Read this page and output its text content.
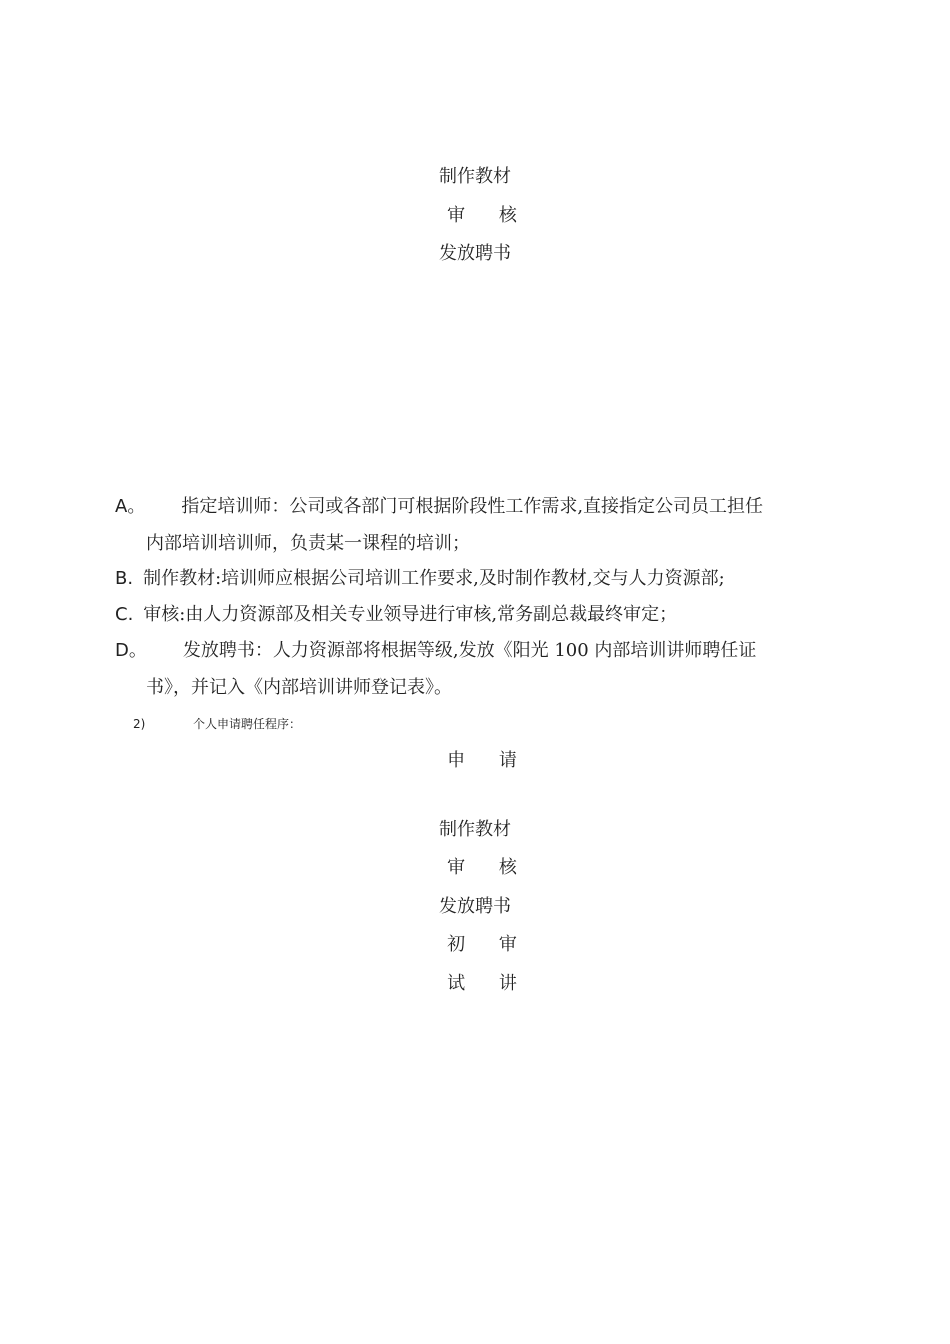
制作教材
审 核
发放聘书
A。 指定培训师：公司或各部门可根据阶段性工作需求,直接指定公司员工担任
内部培训培训师，负责某一课程的培训；
B. 制作教材:培训师应根据公司培训工作要求,及时制作教材,交与人力资源部;
C. 审核:由人力资源部及相关专业领导进行审核,常务副总裁最终审定；
D。 发放聘书：人力资源部将根据等级,发放《阳光 100 内部培训讲师聘任证
书》，并记入《内部培训讲师登记表》。
2)	个人申请聘任程序：
申 请
制作教材
审 核
发放聘书
初 审
试 讲
